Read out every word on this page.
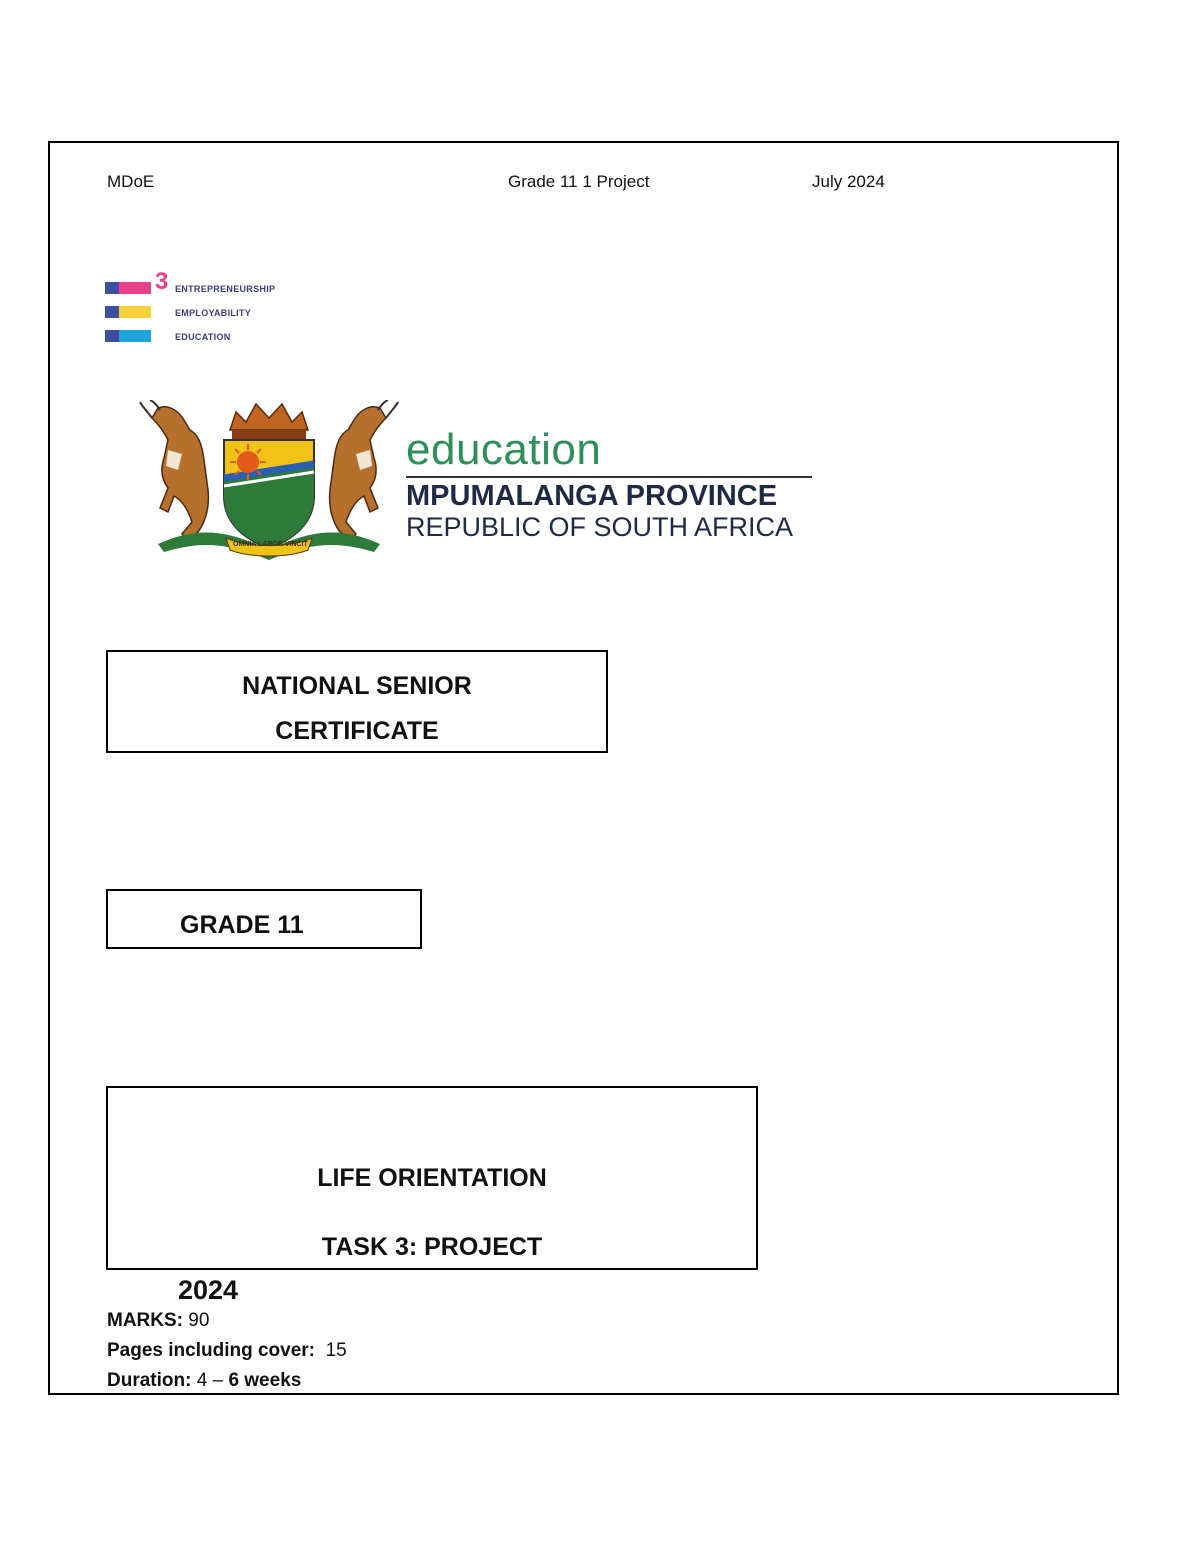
MDoE	Grade 11 1 Project	July 2024
3 ENTREPRENEURSHIP
EMPLOYABILITY
EDUCATION
OMNIA LABOR VINCIT
education
MPUMALANGA PROVINCE
REPUBLIC OF SOUTH AFRICA
NATIONAL SENIOR
CERTIFICATE
GRADE 11
LIFE ORIENTATION
TASK 3: PROJECT
2024
MARKS: 90
Pages including cover: 15
Duration: 4 – 6 weeks
